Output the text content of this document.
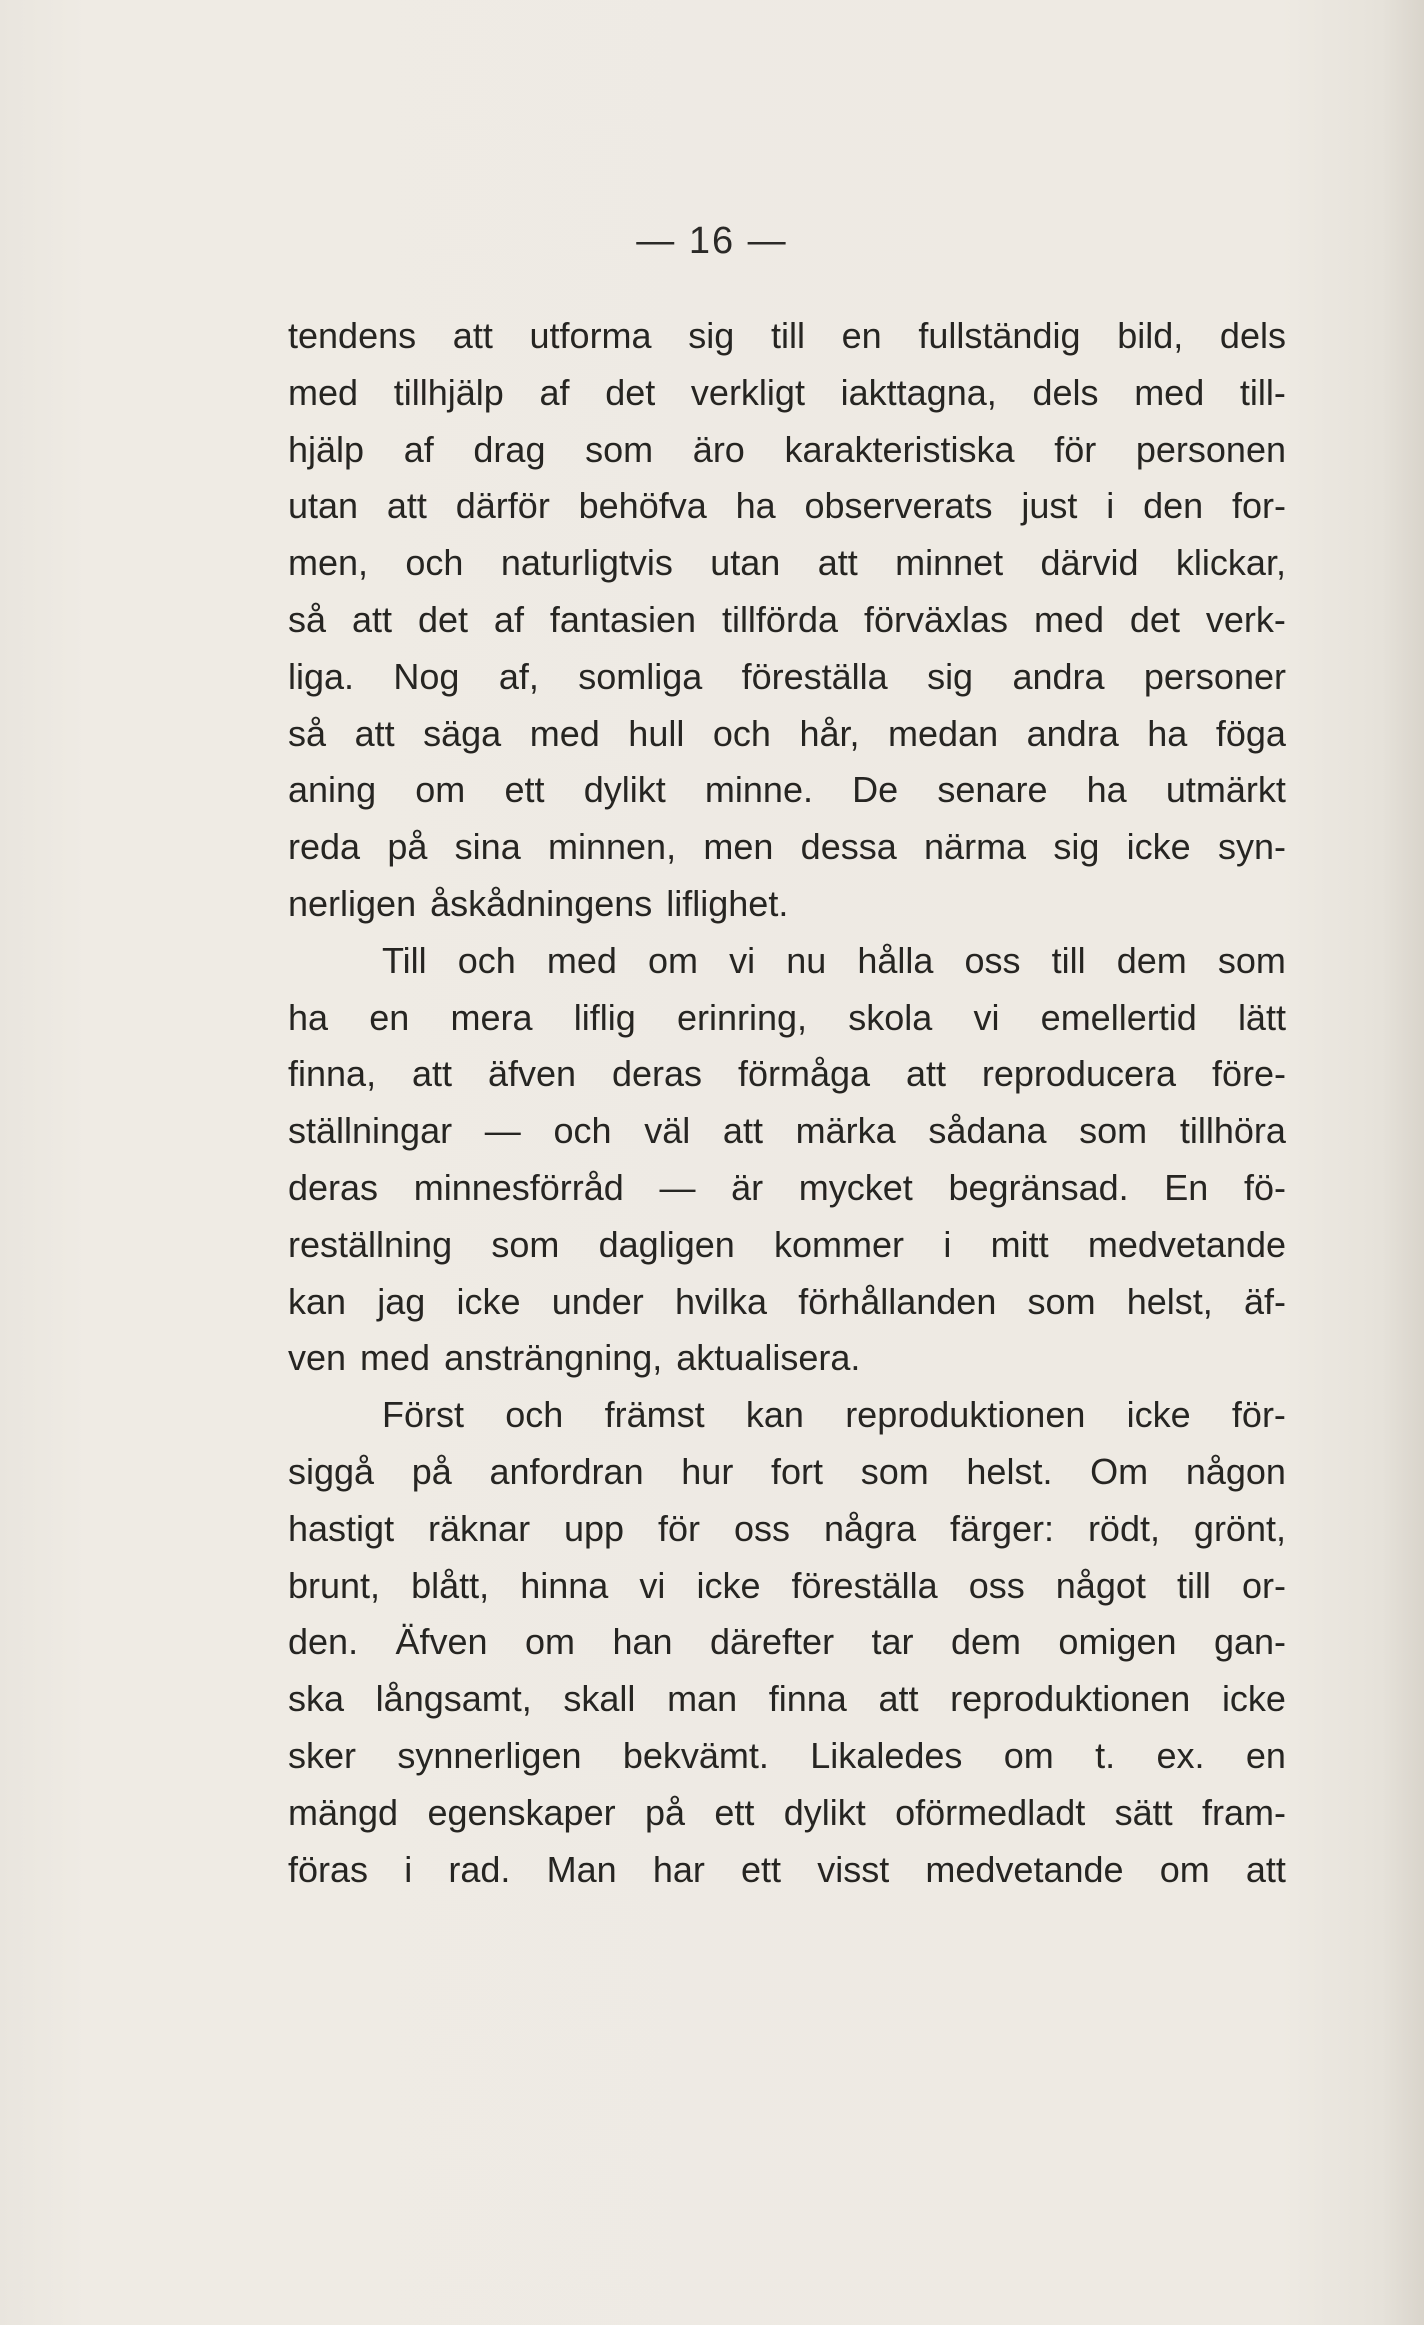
— 16 —
tendens att utforma sig till en fullständig bild, dels
med tillhjälp af det verkligt iakttagna, dels med till-
hjälp af drag som äro karakteristiska för personen
utan att därför behöfva ha observerats just i den for-
men, och naturligtvis utan att minnet därvid klickar,
så att det af fantasien tillförda förväxlas med det verk-
liga. Nog af, somliga föreställa sig andra personer
så att säga med hull och hår, medan andra ha föga
aning om ett dylikt minne. De senare ha utmärkt
reda på sina minnen, men dessa närma sig icke syn-
nerligen åskådningens liflighet.
Till och med om vi nu hålla oss till dem som
ha en mera liflig erinring, skola vi emellertid lätt
finna, att äfven deras förmåga att reproducera före-
ställningar — och väl att märka sådana som tillhöra
deras minnesförråd — är mycket begränsad. En fö-
reställning som dagligen kommer i mitt medvetande
kan jag icke under hvilka förhållanden som helst, äf-
ven med ansträngning, aktualisera.
Först och främst kan reproduktionen icke för-
siggå på anfordran hur fort som helst. Om någon
hastigt räknar upp för oss några färger: rödt, grönt,
brunt, blått, hinna vi icke föreställa oss något till or-
den. Äfven om han därefter tar dem omigen gan-
ska långsamt, skall man finna att reproduktionen icke
sker synnerligen bekvämt. Likaledes om t. ex. en
mängd egenskaper på ett dylikt oförmedladt sätt fram-
föras i rad. Man har ett visst medvetande om att
